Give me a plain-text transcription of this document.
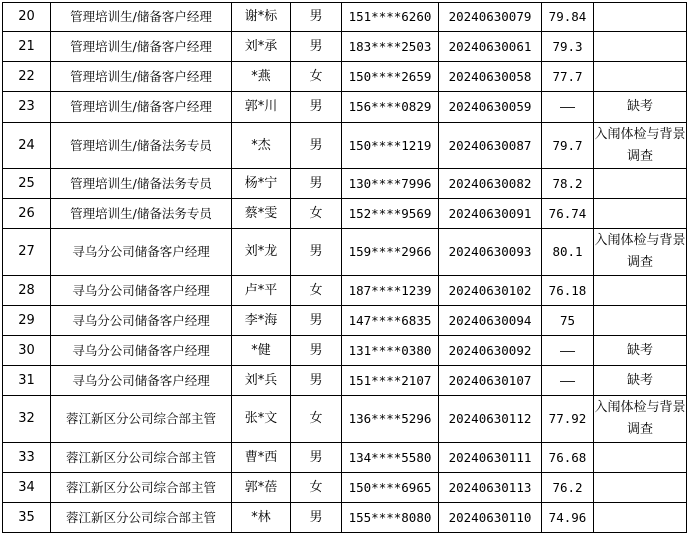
20	管理培训生/储备客户经理	谢*标	男	151****6260	20240630079	79.84	
21	管理培训生/储备客户经理	刘*承	男	183****2503	20240630061	79.3	
22	管理培训生/储备客户经理	*燕	女	150****2659	20240630058	77.7	
23	管理培训生/储备客户经理	郭*川	男	156****0829	20240630059	——	缺考
24	管理培训生/储备法务专员	*杰	男	150****1219	20240630087	79.7	入闱体检与背景调查
25	管理培训生/储备法务专员	杨*宁	男	130****7996	20240630082	78.2	
26	管理培训生/储备法务专员	蔡*雯	女	152****9569	20240630091	76.74	
27	寻乌分公司储备客户经理	刘*龙	男	159****2966	20240630093	80.1	入闱体检与背景调查
28	寻乌分公司储备客户经理	卢*平	女	187****1239	20240630102	76.18	
29	寻乌分公司储备客户经理	李*海	男	147****6835	20240630094	75	
30	寻乌分公司储备客户经理	*健	男	131****0380	20240630092	——	缺考
31	寻乌分公司储备客户经理	刘*兵	男	151****2107	20240630107	——	缺考
32	蓉江新区分公司综合部主管	张*文	女	136****5296	20240630112	77.92	入闱体检与背景调查
33	蓉江新区分公司综合部主管	曹*西	男	134****5580	20240630111	76.68	
34	蓉江新区分公司综合部主管	郭*蓓	女	150****6965	20240630113	76.2	
35	蓉江新区分公司综合部主管	*林	男	155****8080	20240630110	74.96	
